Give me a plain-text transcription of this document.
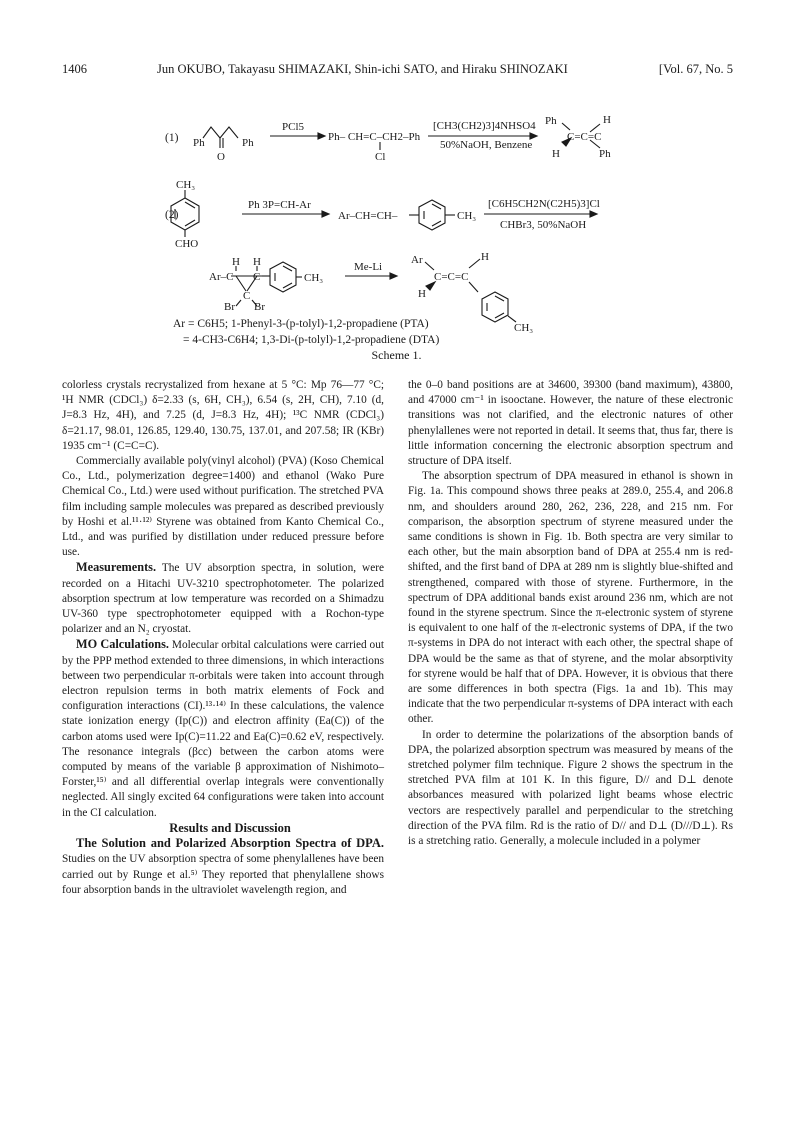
1406	Jun OKUBO, Takayasu SHIMAZAKI, Shin-ichi SATO, and Hiraku SHINOZAKI	[Vol. 67, No. 5
(1) Ph	Ph
O
PCl5
Ph– CH=C–CH2–Ph
Cl
[CH3(CH2)3]4NHSO4
50%NaOH, Benzene
Ph
C=C=C
H
H	Ph
(2)
CH₃
CHO
Ph 3P=CH-Ar
Ar–CH=CH–	CH₃
[C6H5CH2N(C2H5)3]Cl
CHBr3, 50%NaOH
Ar–C C
H H
C
Br Br
CH₃
Me-Li
Ar
C=C=C
H
H
CH₃
Ar = C6H5; 1-Phenyl-3-(p-tolyl)-1,2-propadiene (PTA)
= 4-CH3-C6H4; 1,3-Di-(p-tolyl)-1,2-propadiene (DTA)
Scheme 1.

colorless crystals recrystalized from hexane at 5 °C: Mp 76—77 °C; ¹H NMR (CDCl₃) δ=2.33 (s, 6H, CH₃), 6.54 (s, 2H, CH), 7.10 (d, J=8.3 Hz, 4H), and 7.25 (d, J=8.3 Hz, 4H); ¹³C NMR (CDCl₃) δ=21.17, 98.01, 126.85, 129.40, 130.75, 137.01, and 207.58; IR (KBr) 1935 cm⁻¹ (C=C=C).

Commercially available poly(vinyl alcohol) (PVA) (Koso Chemical Co., Ltd., polymerization degree=1400) and ethanol (Wako Pure Chemical Co., Ltd.) were used without purification. The stretched PVA film including sample molecules was prepared as described previously by Hoshi et al.¹¹·¹²⁾ Styrene was obtained from Kanto Chemical Co., Ltd., and was purified by distillation under reduced pressure before use.

Measurements. The UV absorption spectra, in solution, were recorded on a Hitachi UV-3210 spectrophotometer. The polarized absorption spectrum at low temperature was recorded on a Shimadzu UV-360 type spectrophotometer equipped with a Rochon-type polarizer and an N₂ cryostat.

MO Calculations. Molecular orbital calculations were carried out by the PPP method extended to three dimensions, in which interactions between two perpendicular π-orbitals were taken into account through electron repulsion terms in both matrix elements of Fock and configuration interactions (CI).¹³·¹⁴⁾ In these calculations, the valence state ionization energy (Ip(C)) and electron affinity (Ea(C)) of the carbon atoms used were Ip(C)=11.22 and Ea(C)=0.62 eV, respectively. The resonance integrals (βcc) between the carbon atoms were computed by means of the variable β approximation of Nishimoto–Forster,¹⁵⁾ and all differential overlap integrals were conventionally neglected. All singly excited 64 configurations were taken into account in the CI calculation.

Results and Discussion

The Solution and Polarized Absorption Spectra of DPA. Studies on the UV absorption spectra of some phenylallenes have been carried out by Runge et al.⁵⁾ They reported that phenylallene shows four absorption bands in the ultraviolet wavelength region, and

the 0–0 band positions are at 34600, 39300 (band maximum), 43800, and 47000 cm⁻¹ in isooctane. However, the nature of these electronic transitions was not clarified, and the electronic natures of other phenylallenes were not reported in detail. It seems that, thus far, there is little information concerning the electronic absorption spectrum and structure of DPA itself.

The absorption spectrum of DPA measured in ethanol is shown in Fig. 1a. This compound shows three peaks at 289.0, 255.4, and 206.8 nm, and shoulders around 280, 262, 236, 228, and 215 nm. For comparison, the absorption spectrum of styrene measured under the same conditions is shown in Fig. 1b. Both spectra are very similar to each other, but the main absorption band of DPA at 255.4 nm is red-shifted, and the first band of DPA at 289 nm is slightly blue-shifted and strengthened, compared with those of styrene. Furthermore, in the spectrum of DPA additional bands exist around 236 nm, which are not found in the styrene spectrum. Since the π-electronic system of styrene is equivalent to one half of the π-electronic systems of DPA, if the two π-systems in DPA do not interact with each other, the spectral shape of DPA would be the same as that of styrene, and the molar absorptivity for styrene would be half that of DPA. However, it is obvious that there are some differences in both spectra (Figs. 1a and 1b). This may indicate that the two perpendicular π-systems of DPA interact with each other.

In order to determine the polarizations of the absorption bands of DPA, the polarized absorption spectrum was measured by means of the stretched polymer film technique. Figure 2 shows the spectrum in the stretched PVA film at 101 K. In this figure, D// and D⊥ denote absorbances measured with polarized light beams whose electric vectors are respectively parallel and perpendicular to the stretching direction of the PVA film. Rd is the ratio of D// and D⊥ (D///D⊥). Rs is a stretching ratio. Generally, a molecule included in a polymer
